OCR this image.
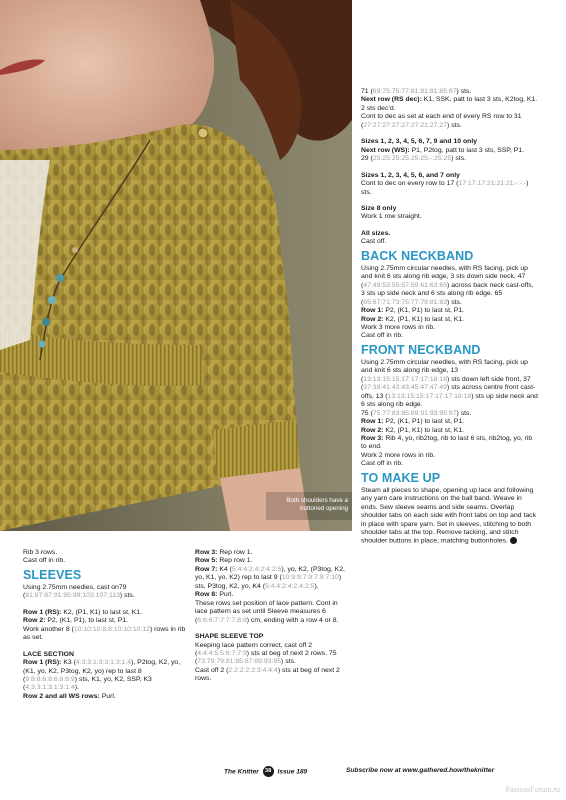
Both shoulders have a buttoned opening

Rib 3 rows.

Cast off in rib.

SLEEVES

Using 2.75mm needles, cast on79 (81:87:87:91:95:99:103:107:113) sts.

Row 1 (RS): K2, (P1, K1) to last st, K1.

Row 2: P2, (K1, P1), to last st, P1.

Work another 8 (10:10:10:8:8:10:10:10:12) rows in rib as set.

LACE SECTION

Row 1 (RS): K3 (4:3:3:1:3:3:1:3:1:4), P2tog, K2, yo, (K1, yo, K2, P3tog, K2, yo) rep to last 8 (9:8:8:6:8:6:8:6:9) sts, K1, yo, K2, SSP, K3 (4:3:3:1:3:1:3:1:4).

Row 2 and all WS rows: Purl.

Row 3: Rep row 1.

Row 5: Rep row 1.

Row 7: K4 (5:4:4:2:4:2:4:2:5), yo, K2, (P3tog, K2, yo, K1, yo, K2) rep to last 9 (10:9:9:7:9:7:9:7:10) sts, P3tog, K2, yo, K4 (5:4:4:2:4:2:4:2:5).

Row 8: Purl.

These rows set position of lace pattern. Cont in lace pattern as set until Sleeve measures 6 (6:6:6:7:7:7:7:8:8) cm, ending with a row 4 or 8.

SHAPE SLEEVE TOP

Keeping lace pattern correct, cast off 2 (4:4:4:5:5:6:7:7:9) sts at beg of next 2 rows. 75 (73:79:79:81:85:87:89:93:95) sts.

Cast off 2 (2:2:2:2:2:3:4:4:4) sts at beg of next 2 rows.

71 (69:75:75:77:81:81:81:85:87) sts.

Next row (RS dec): K1, SSK, patt to last 3 sts, K2tog, K1. 2 sts dec’d.

Cont to dec as set at each end of every RS row to 31 (27:27:27:27:27:27:21:27:27) sts.

Sizes 1, 2, 3, 4, 5, 6, 7, 9 and 10 only

Next row (WS): P1, P2tog, patt to last 3 sts, SSP, P1.

29 (25:25:25:25:25:25:-:25:25) sts.

Sizes 1, 2, 3, 4, 5, 6, and 7 only

Cont to dec on every row to 17 (17:17:17:21:21:21:-:-:-) sts.

Size 8 only

Work 1 row straight.

All sizes.

Cast off.

BACK NECKBAND

Using 2.75mm circular needles, with RS facing, pick up and knit 6 sts along rib edge, 3 sts down side neck, 47 (47:49:53:55:57:59:61:63:65) across back neck cast-offs, 3 sts up side neck and 6 sts along rib edge. 65 (65:67:71:73:75:77:79:81:83) sts.

Row 1: P2, (K1, P1) to last st, P1.

Row 2: K2, (P1, K1) to last st, K1.

Work 3 more rows in rib.

Cast off in rib.

FRONT NECKBAND

Using 2.75mm circular needles, with RS facing, pick up and knit 6 sts along rib edge, 13 (13:13:15:15:17:17:17:18:18) sts down left side front, 37 (37:39:41:43:43:45:47:47:49) sts across centre front cast-offs, 13 (13:13:15:15:17:17:17:18:18) sts up side neck and 6 sts along rib edge.

75 (75:77:83:85:89:91:93:95:97) sts.

Row 1: P2, (K1, P1) to last st, P1.

Row 2: K2, (P1, K1) to last st, K1.

Row 3: Rib 4, yo, rib2tog, rib to last 6 sts, rib2tog, yo, rib to end.

Work 2 more rows in rib.

Cast off in rib.

TO MAKE UP

Steam all pieces to shape, opening up lace and following any yarn care instructions on the ball band. Weave in ends. Sew sleeve seams and side seams. Overlap shoulder tabs on each side with front tabs on top and tack in place with spare yarn. Set in sleeves, stitching to both shoulder tabs at the top. Remove tacking, and stitch shoulder buttons in place, matching buttonholes.

The Knitter 38 Issue 189	Subscribe now at www.gathered.how/theknitter
PassionForum.ru
